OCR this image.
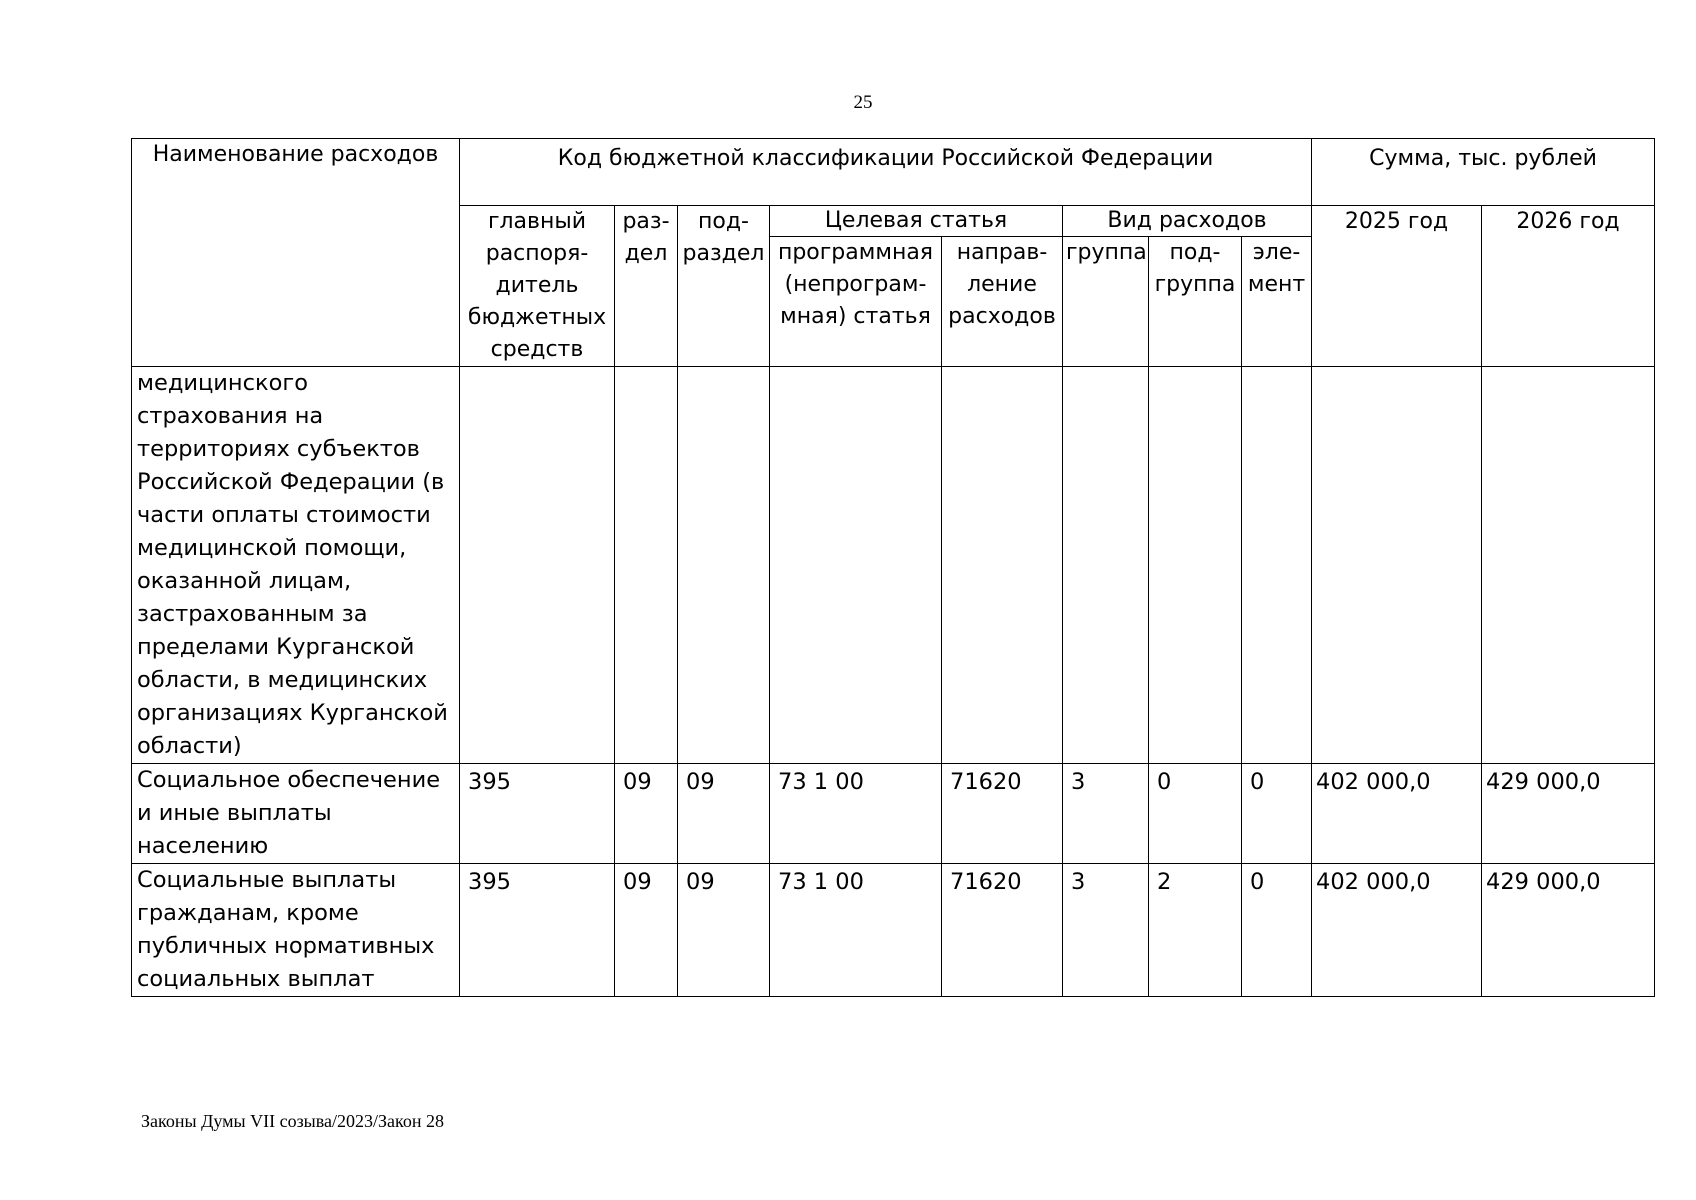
25
Наименование расходов	Код бюджетной классификации Российской Федерации								Сумма, тыс. рублей	
	главный распоря-дитель бюджетных средств	раз-дел	под-раздел	Целевая статья		Вид расходов			2025 год	2026 год
				программная (непрограм-мная) статья	направ-ление расходов	группа	под-группа	эле-мент		

медицинского страхования на территориях субъектов Российской Федерации (в части оплаты стоимости медицинской помощи, оказанной лицам, застрахованным за пределами Курганской области, в медицинских организациях Курганской области)										
Социальное обеспечение и иные выплаты населению	395	09	09	73 1 00	71620	3	0	0	402 000,0	429 000,0
Социальные выплаты гражданам, кроме публичных нормативных социальных выплат	395	09	09	73 1 00	71620	3	2	0	402 000,0	429 000,0
Законы Думы VII созыва/2023/Закон 28
